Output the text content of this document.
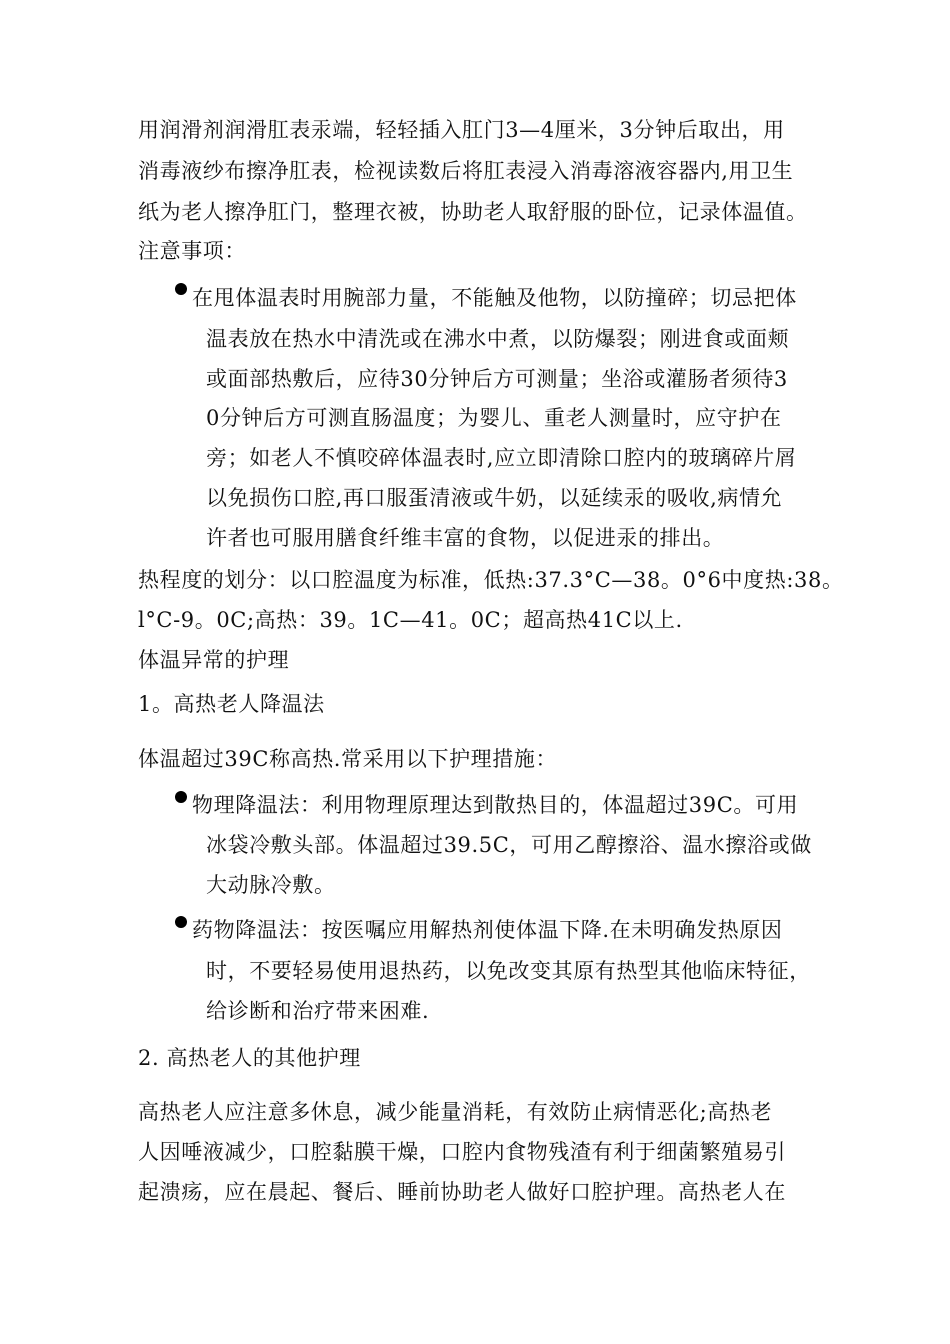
用润滑剂润滑肛表汞端，轻轻插入肛门3—4厘米，3分钟后取出，用
消毒液纱布擦净肛表，检视读数后将肛表浸入消毒溶液容器内,用卫生
纸为老人擦净肛门，整理衣被，协助老人取舒服的卧位，记录体温值。
注意事项：
在甩体温表时用腕部力量，不能触及他物，以防撞碎；切忌把体
温表放在热水中清洗或在沸水中煮，以防爆裂；刚进食或面颊
或面部热敷后，应待30分钟后方可测量；坐浴或灌肠者须待3
0分钟后方可测直肠温度；为婴儿、重老人测量时，应守护在
旁；如老人不慎咬碎体温表时,应立即清除口腔内的玻璃碎片屑
以免损伤口腔,再口服蛋清液或牛奶，以延续汞的吸收,病情允
许者也可服用膳食纤维丰富的食物，以促进汞的排出。
热程度的划分：以口腔温度为标准，低热:37.3°C—38。0°6中度热:38。
l°C-9。0C;高热：39。1C—41。0C；超高热41C以上.
体温异常的护理
1。高热老人降温法
体温超过39C称高热.常采用以下护理措施：
物理降温法：利用物理原理达到散热目的，体温超过39C。可用
冰袋冷敷头部。体温超过39.5C，可用乙醇擦浴、温水擦浴或做
大动脉冷敷。
药物降温法：按医嘱应用解热剂使体温下降.在未明确发热原因
时，不要轻易使用退热药，以免改变其原有热型其他临床特征，
给诊断和治疗带来困难.
2. 高热老人的其他护理
高热老人应注意多休息，减少能量消耗，有效防止病情恶化;高热老
人因唾液减少，口腔黏膜干燥，口腔内食物残渣有利于细菌繁殖易引
起溃疡，应在晨起、餐后、睡前协助老人做好口腔护理。高热老人在
